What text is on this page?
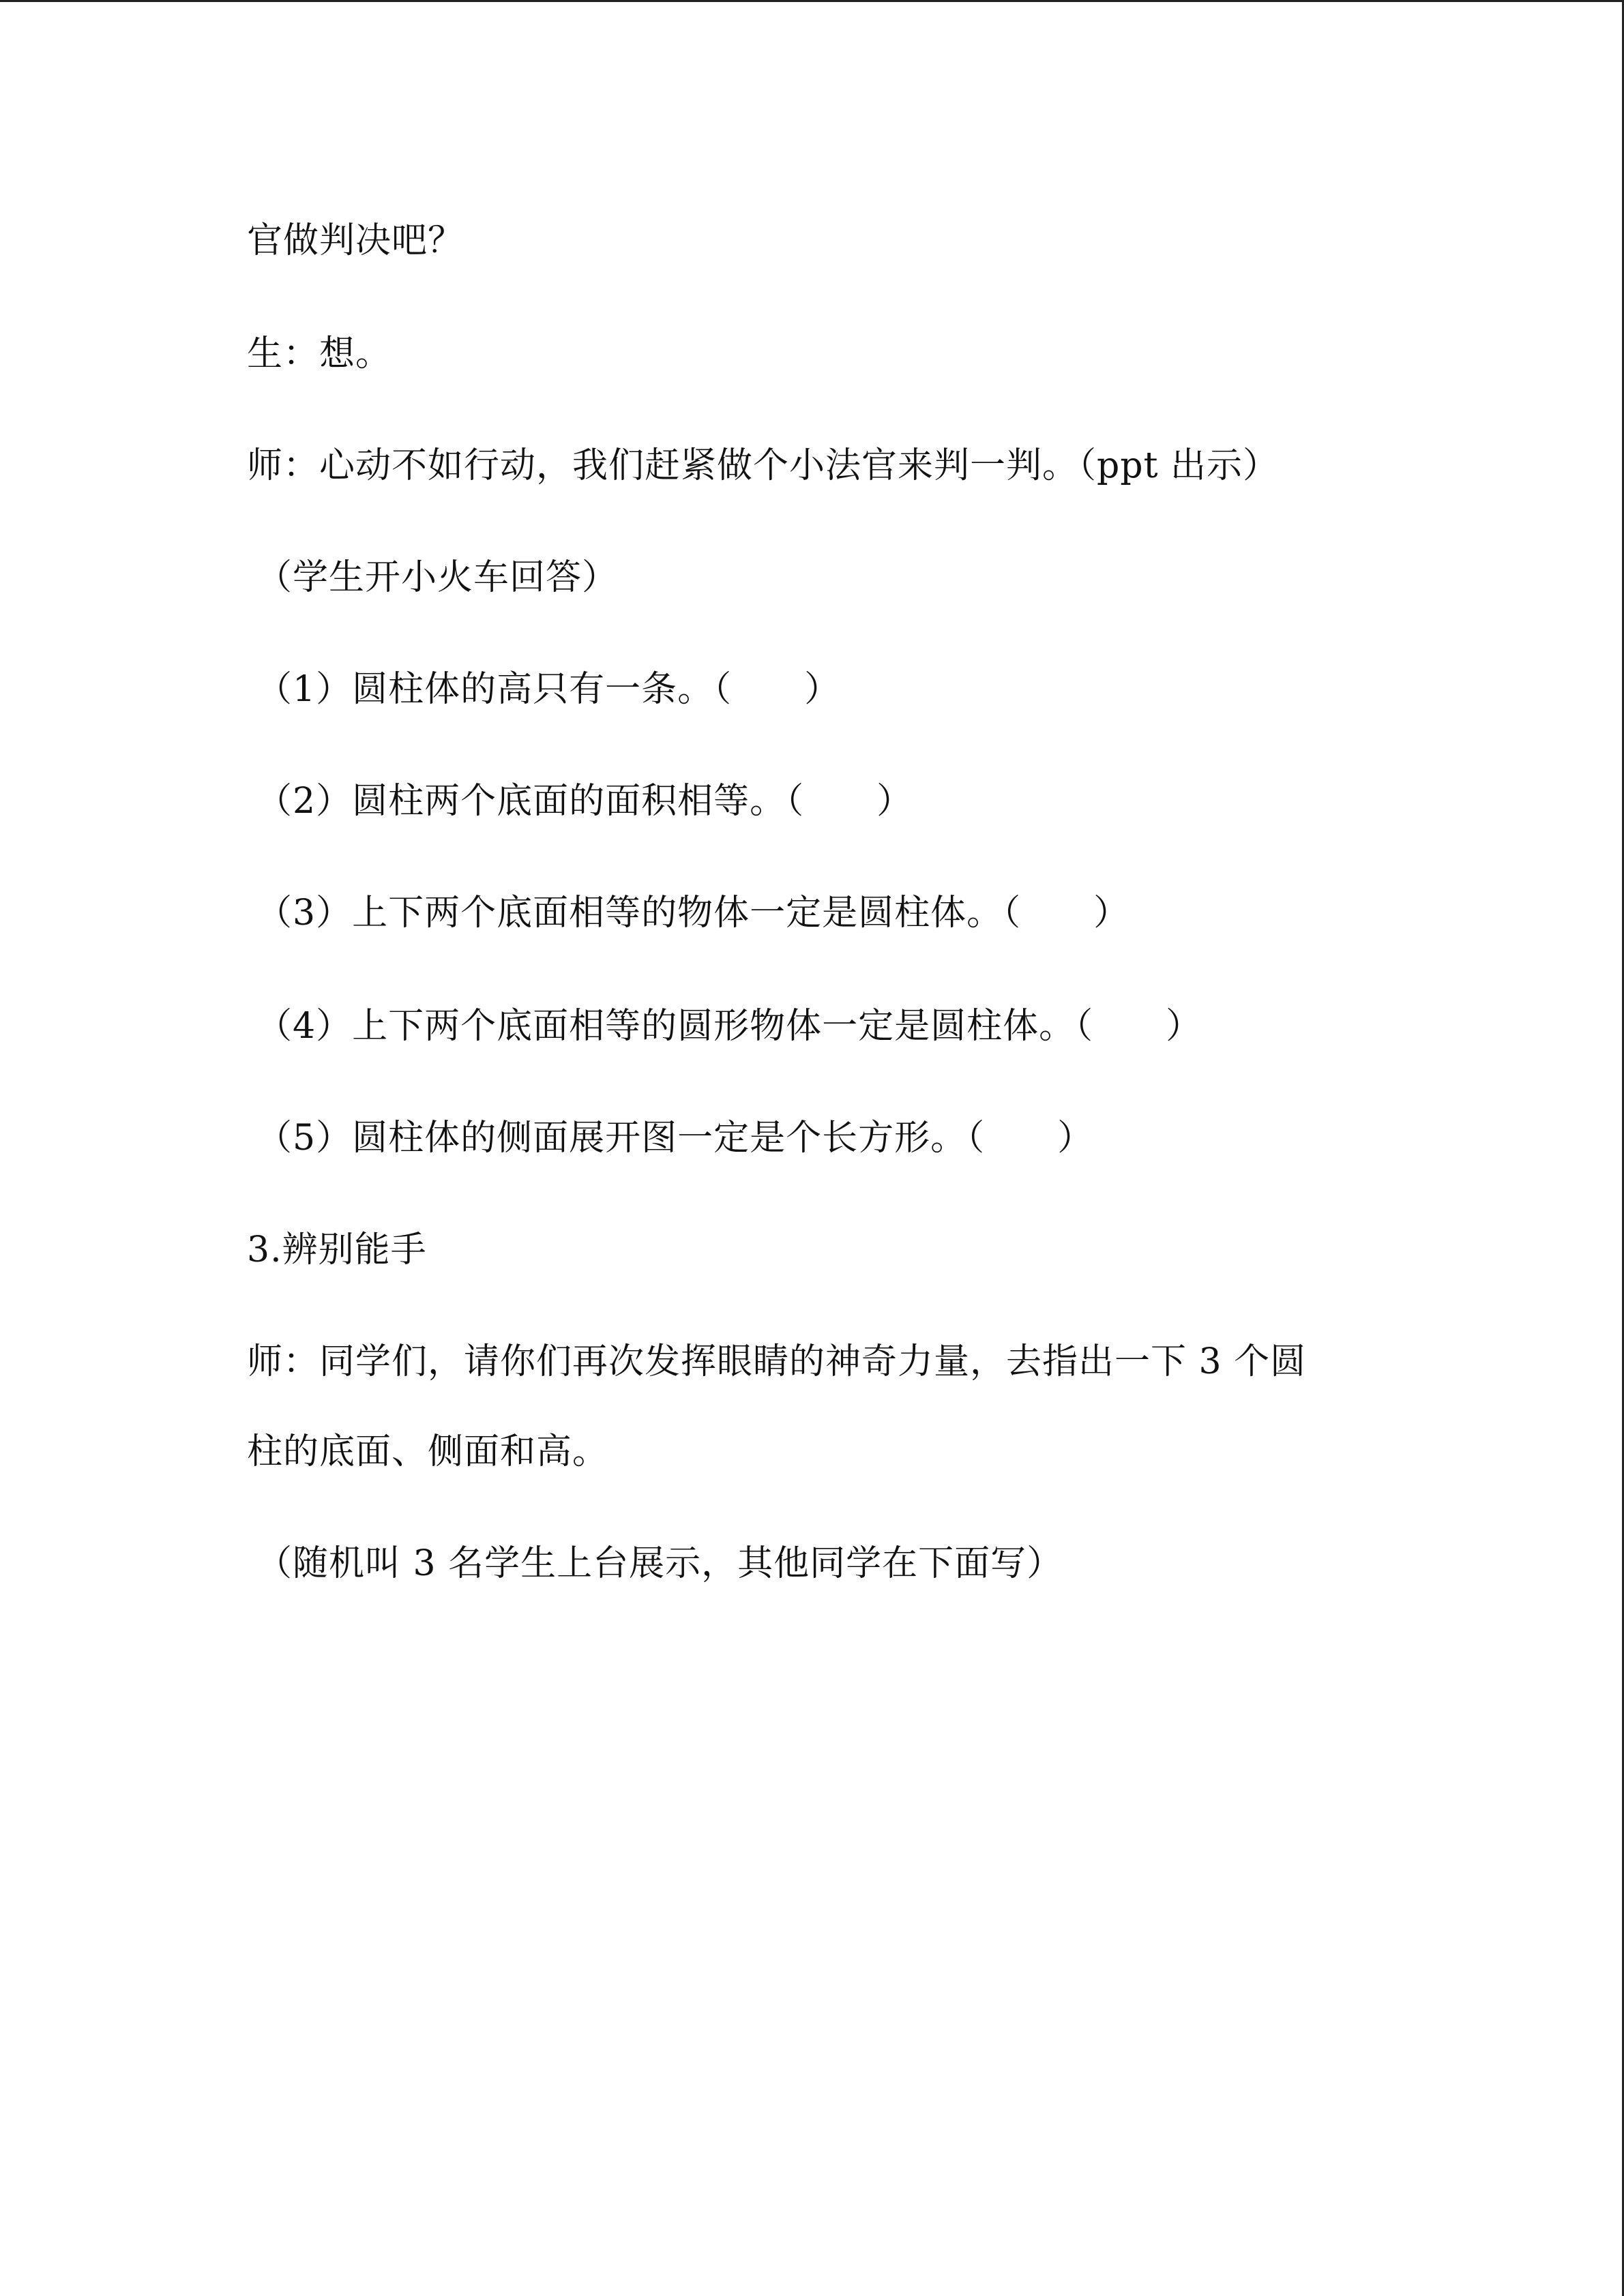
官做判决吧？
生：想。
师：心动不如行动，我们赶紧做个小法官来判一判。（ppt 出示）
（学生开小火车回答）
（1）圆柱体的高只有一条。（　　）
（2）圆柱两个底面的面积相等。（　　）
（3）上下两个底面相等的物体一定是圆柱体。（　　）
（4）上下两个底面相等的圆形物体一定是圆柱体。（　　）
（5）圆柱体的侧面展开图一定是个长方形。（　　）
3.辨别能手
师：同学们，请你们再次发挥眼睛的神奇力量，去指出一下 3 个圆
柱的底面、侧面和高。
（随机叫 3 名学生上台展示，其他同学在下面写）
